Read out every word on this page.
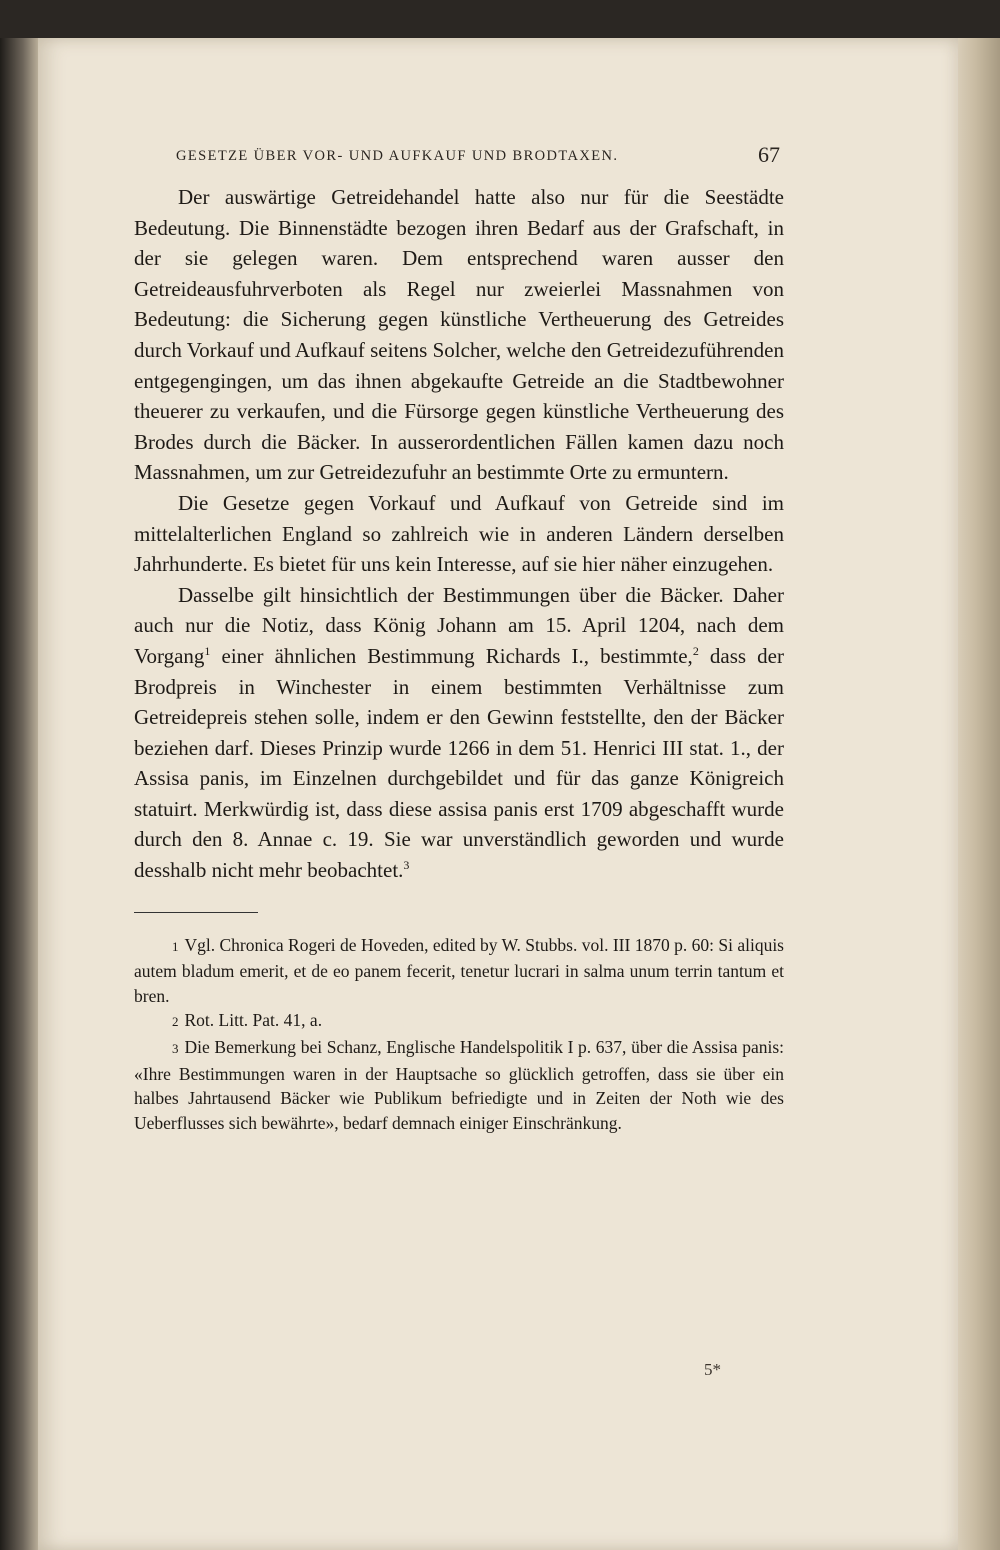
GESETZE ÜBER VOR- UND AUFKAUF UND BRODTAXEN.	67

Der auswärtige Getreidehandel hatte also nur für die Seestädte Bedeutung. Die Binnenstädte bezogen ihren Bedarf aus der Grafschaft, in der sie gelegen waren. Dem entsprechend waren ausser den Getreideausfuhrverboten als Regel nur zweierlei Massnahmen von Bedeutung: die Sicherung gegen künstliche Vertheuerung des Getreides durch Vorkauf und Aufkauf seitens Solcher, welche den Getreidezuführenden entgegengingen, um das ihnen abgekaufte Getreide an die Stadtbewohner theuerer zu verkaufen, und die Fürsorge gegen künstliche Vertheuerung des Brodes durch die Bäcker. In ausserordentlichen Fällen kamen dazu noch Massnahmen, um zur Getreidezufuhr an bestimmte Orte zu ermuntern.

Die Gesetze gegen Vorkauf und Aufkauf von Getreide sind im mittelalterlichen England so zahlreich wie in anderen Ländern derselben Jahrhunderte. Es bietet für uns kein Interesse, auf sie hier näher einzugehen.

Dasselbe gilt hinsichtlich der Bestimmungen über die Bäcker. Daher auch nur die Notiz, dass König Johann am 15. April 1204, nach dem Vorgang$^1$ einer ähnlichen Bestimmung Richards I., bestimmte,$^2$ dass der Brodpreis in Winchester in einem bestimmten Verhältnisse zum Getreidepreis stehen solle, indem er den Gewinn feststellte, den der Bäcker beziehen darf. Dieses Prinzip wurde 1266 in dem 51. Henrici III stat. 1., der Assisa panis, im Einzelnen durchgebildet und für das ganze Königreich statuirt. Merkwürdig ist, dass diese assisa panis erst 1709 abgeschafft wurde durch den 8. Annae c. 19. Sie war unverständlich geworden und wurde desshalb nicht mehr beobachtet.$^3$

1 Vgl. Chronica Rogeri de Hoveden, edited by W. Stubbs. vol. III 1870 p. 60: Si aliquis autem bladum emerit, et de eo panem fecerit, tenetur lucrari in salma unum terrin tantum et bren.

2 Rot. Litt. Pat. 41, a.

3 Die Bemerkung bei Schanz, Englische Handelspolitik I p. 637, über die Assisa panis: «Ihre Bestimmungen waren in der Hauptsache so glücklich getroffen, dass sie über ein halbes Jahrtausend Bäcker wie Publikum befriedigte und in Zeiten der Noth wie des Ueberflusses sich bewährte», bedarf demnach einiger Einschränkung.

5*
